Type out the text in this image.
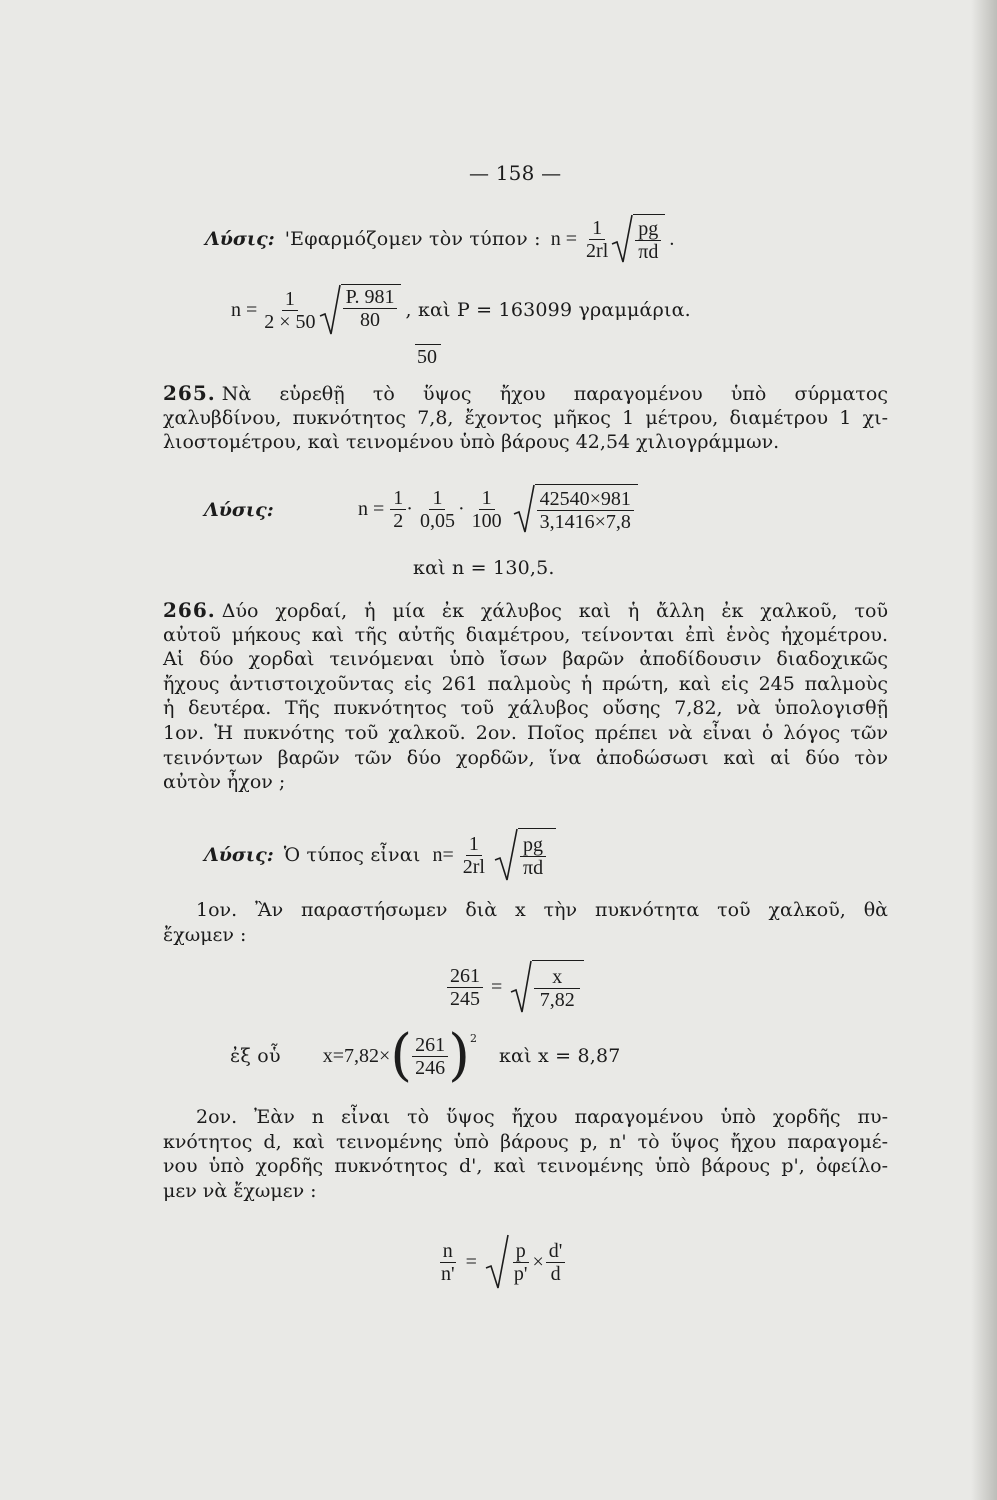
— 158 —
Λύσις: 'Εφαρμόζομεν τὸν τύπον : $n = \frac{1}{2rl} \frac{pg}{\pi d}$ .
$n = \frac{1}{2 \times 50} \frac{P. 981}{80}$ , καὶ P = 163099 γραμμάρια.
50
265. Νὰ εὑρεθῇ τὸ ὕψος ἤχου παραγομένου ὑπὸ σύρματος
χαλυβδίνου, πυκνότητος 7,8, ἔχοντος μῆκος 1 μέτρου, διαμέτρου 1 χι-
λιοστομέτρου, καὶ τεινομένου ὑπὸ βάρους 42,54 χιλιογράμμων.
Λύσις:	$n = \frac{1}{2} \cdot \frac{1}{0,05} \cdot \frac{1}{100} \frac{42540\times 981}{3,1416\times 7,8}$
καὶ n = 130,5.
266. Δύο χορδαί, ἡ μία ἐκ χάλυβος καὶ ἡ ἄλλη ἐκ χαλκοῦ, τοῦ
αὐτοῦ μήκους καὶ τῆς αὐτῆς διαμέτρου, τείνονται ἐπὶ ἑνὸς ἠχομέτρου.
Αἱ δύο χορδαὶ τεινόμεναι ὑπὸ ἴσων βαρῶν ἀποδίδουσιν διαδοχικῶς
ἤχους ἀντιστοιχοῦντας εἰς 261 παλμοὺς ἡ πρώτη, καὶ εἰς 245 παλμοὺς
ἡ δευτέρα. Τῆς πυκνότητος τοῦ χάλυβος οὔσης 7,82, νὰ ὑπολογισθῇ
1ον. Ἡ πυκνότης τοῦ χαλκοῦ. 2ον. Ποῖος πρέπει νὰ εἶναι ὁ λόγος τῶν
τεινόντων βαρῶν τῶν δύο χορδῶν, ἵνα ἀποδώσωσι καὶ αἱ δύο τὸν
αὐτὸν ἦχον ;
Λύσις: Ὁ τύπος εἶναι $n= \frac{1}{2rl} \frac{pg}{\pi d}$
1ον. Ἂν παραστήσωμεν διὰ x τὴν πυκνότητα τοῦ χαλκοῦ, θὰ
ἔχωμεν :
$\frac{261}{245} = \frac{x}{7,82}$
ἐξ οὗ x=7,82× ( $\frac{261}{246}$ ) 2
καὶ x = 8,87
2ον. Ἐὰν n εἶναι τὸ ὕψος ἤχου παραγομένου ὑπὸ χορδῆς πυ-
κνότητος d, καὶ τεινομένης ὑπὸ βάρους p, n' τὸ ὕψος ἤχου παραγομέ-
νου ὑπὸ χορδῆς πυκνότητος d', καὶ τεινομένης ὑπὸ βάρους p', ὀφείλο-
μεν νὰ ἔχωμεν :
$\frac{n}{n'} = \frac{p}{p'} \times \frac{d'}{d}$
